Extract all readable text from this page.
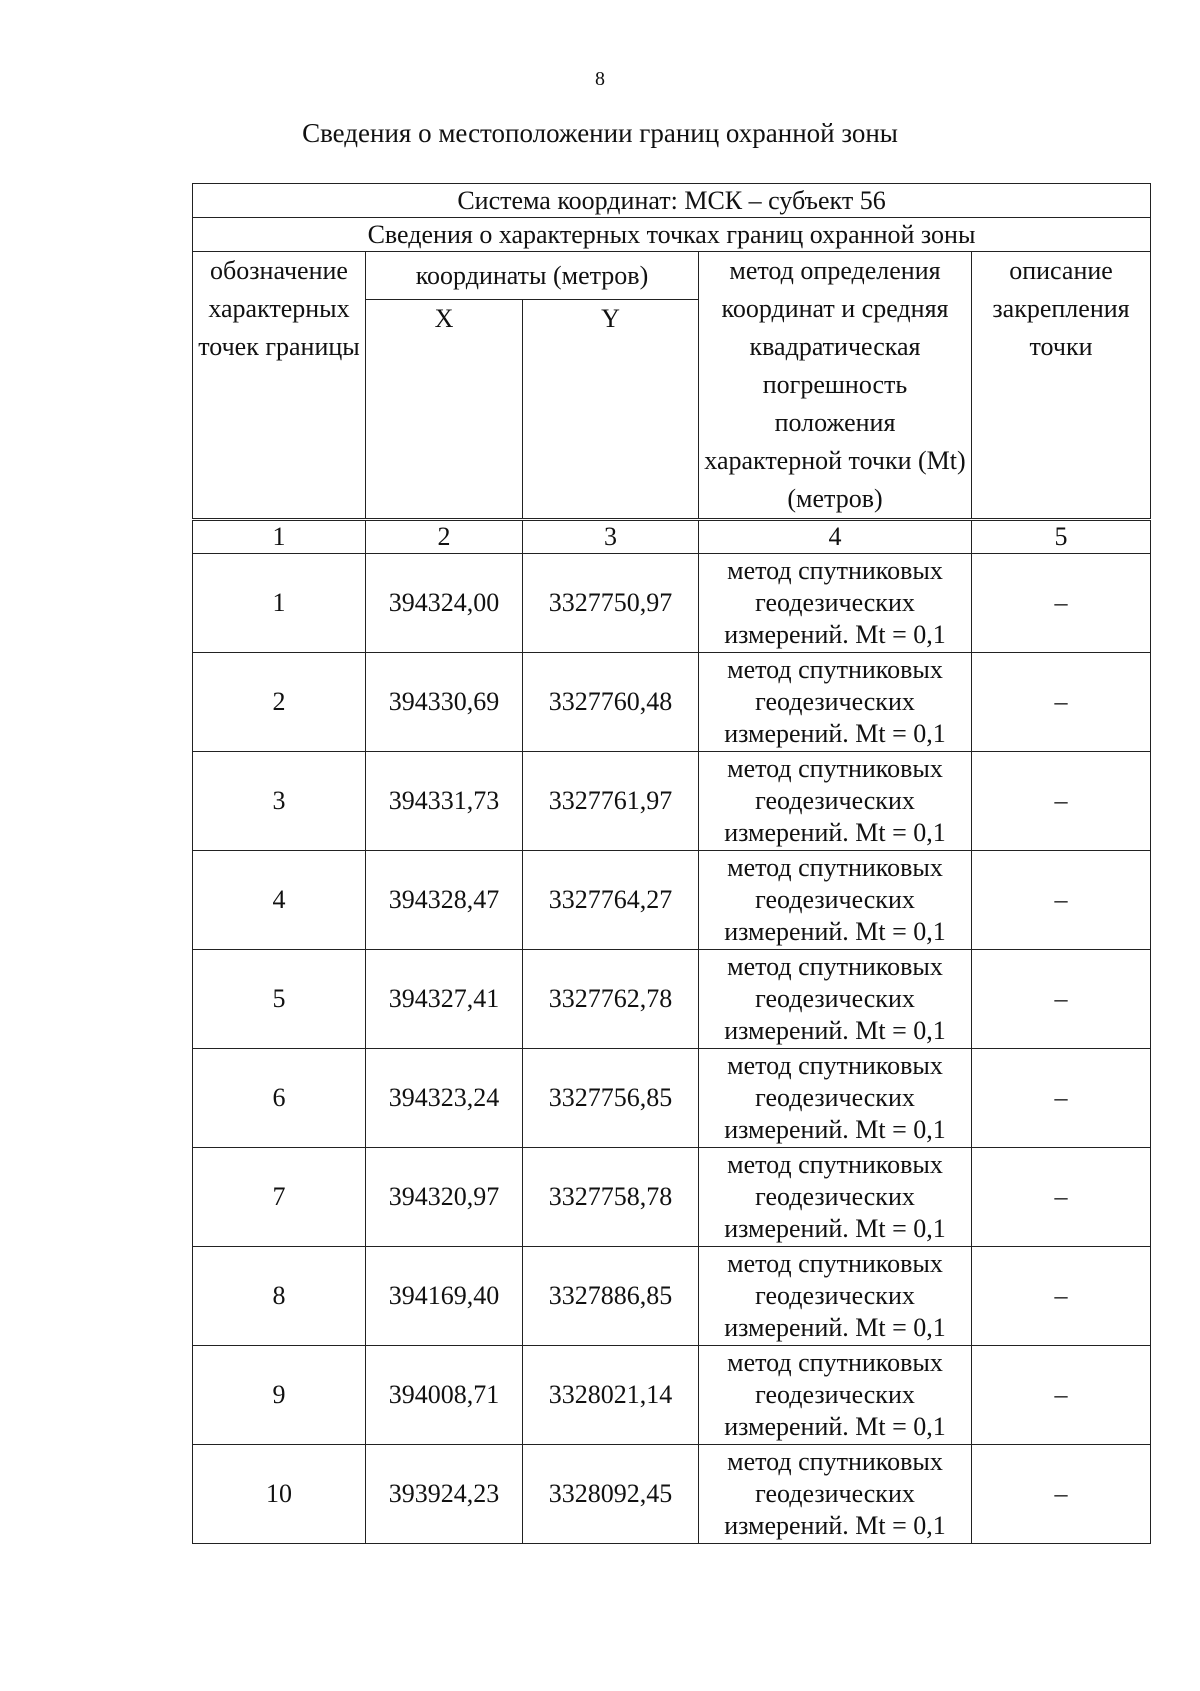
8
Сведения о местоположении границ охранной зоны
Система координат: МСК – субъект 56				
Сведения о характерных точках границ охранной зоны				
обозначение характерных точек границы	координаты (метров)		метод определения координат и средняя квадратическая погрешность положения характерной точки (Mt) (метров)	описание закрепления точки
	X	Y		
1	2	3	4	5
1	394324,00	3327750,97	метод спутниковых геодезических измерений. Mt = 0,1	–
2	394330,69	3327760,48	метод спутниковых геодезических измерений. Mt = 0,1	–
3	394331,73	3327761,97	метод спутниковых геодезических измерений. Mt = 0,1	–
4	394328,47	3327764,27	метод спутниковых геодезических измерений. Mt = 0,1	–
5	394327,41	3327762,78	метод спутниковых геодезических измерений. Mt = 0,1	–
6	394323,24	3327756,85	метод спутниковых геодезических измерений. Mt = 0,1	–
7	394320,97	3327758,78	метод спутниковых геодезических измерений. Mt = 0,1	–
8	394169,40	3327886,85	метод спутниковых геодезических измерений. Mt = 0,1	–
9	394008,71	3328021,14	метод спутниковых геодезических измерений. Mt = 0,1	–
10	393924,23	3328092,45	метод спутниковых геодезических измерений. Mt = 0,1	–
